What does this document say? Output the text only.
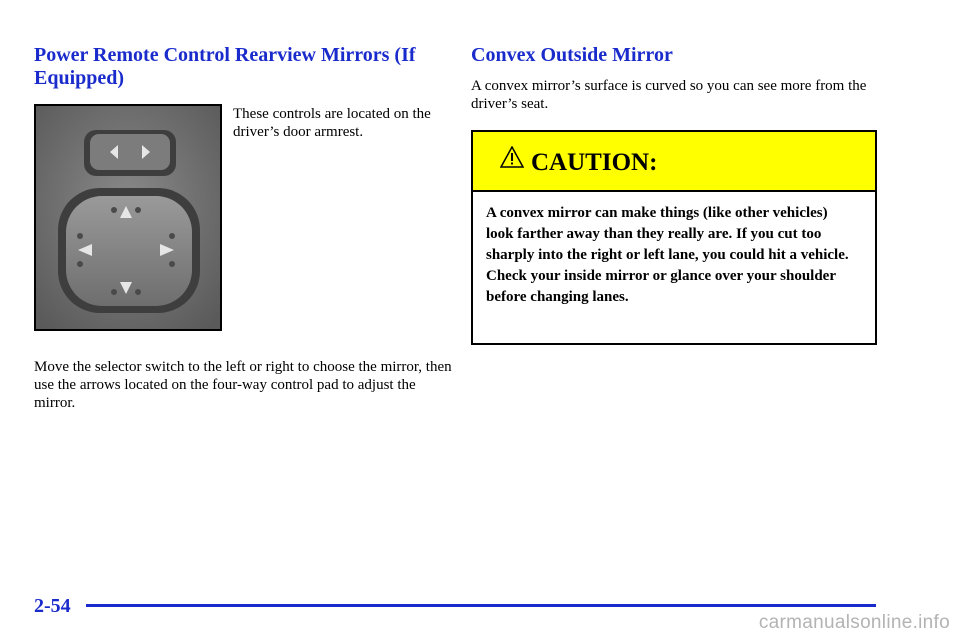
Power Remote Control Rearview Mirrors (If Equipped)

These controls are located on the driver’s door armrest.

Move the selector switch to the left or right to choose the mirror, then use the arrows located on the four-way control pad to adjust the mirror.

Convex Outside Mirror

A convex mirror’s surface is curved so you can see more from the driver’s seat.

CAUTION:

A convex mirror can make things (like other vehicles) look farther away than they really are. If you cut too sharply into the right or left lane, you could hit a vehicle. Check your inside mirror or glance over your shoulder before changing lanes.

2-54

carmanualsonline.info
